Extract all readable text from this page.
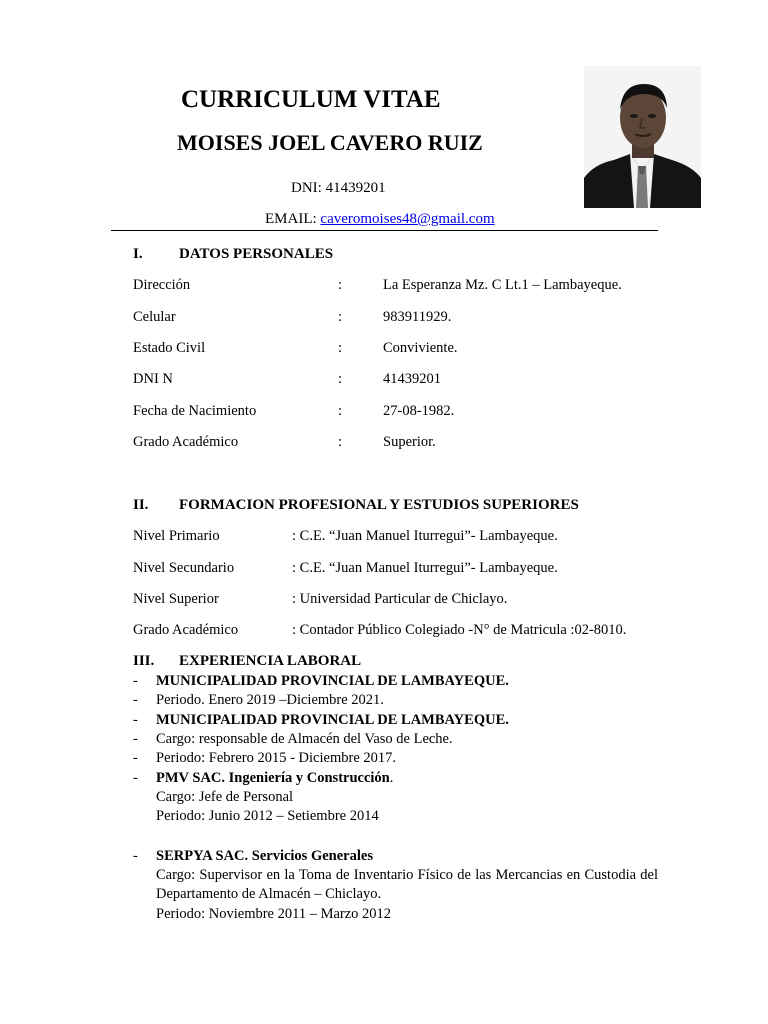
CURRICULUM VITAE
MOISES JOEL CAVERO RUIZ
DNI: 41439201
EMAIL: caveromoises48@gmail.com
I. DATOS PERSONALES
Dirección	:	La Esperanza Mz. C Lt.1 – Lambayeque.
Celular	:	983911929.
Estado Civil	:	Conviviente.
DNI N	:	41439201
Fecha de Nacimiento	:	27-08-1982.
Grado Académico	:	Superior.
II. FORMACION PROFESIONAL Y ESTUDIOS SUPERIORES
Nivel Primario	: C.E. “Juan Manuel Iturregui”- Lambayeque.
Nivel Secundario	: C.E. “Juan Manuel Iturregui”- Lambayeque.
Nivel Superior	: Universidad Particular de Chiclayo.
Grado Académico	: Contador Público Colegiado -N° de Matricula :02-8010.
III. EXPERIENCIA LABORAL
- MUNICIPALIDAD PROVINCIAL DE LAMBAYEQUE.
- Periodo. Enero 2019 –Diciembre 2021.
- MUNICIPALIDAD PROVINCIAL DE LAMBAYEQUE.
- Cargo: responsable de Almacén del Vaso de Leche.
- Periodo: Febrero 2015 - Diciembre 2017.
- PMV SAC. Ingeniería y Construcción.
Cargo: Jefe de Personal
Periodo: Junio 2012 – Setiembre 2014
- SERPYA SAC. Servicios Generales
Cargo: Supervisor en la Toma de Inventario Físico de las Mercancias en Custodia del Departamento de Almacén – Chiclayo.
Periodo: Noviembre 2011 – Marzo 2012
